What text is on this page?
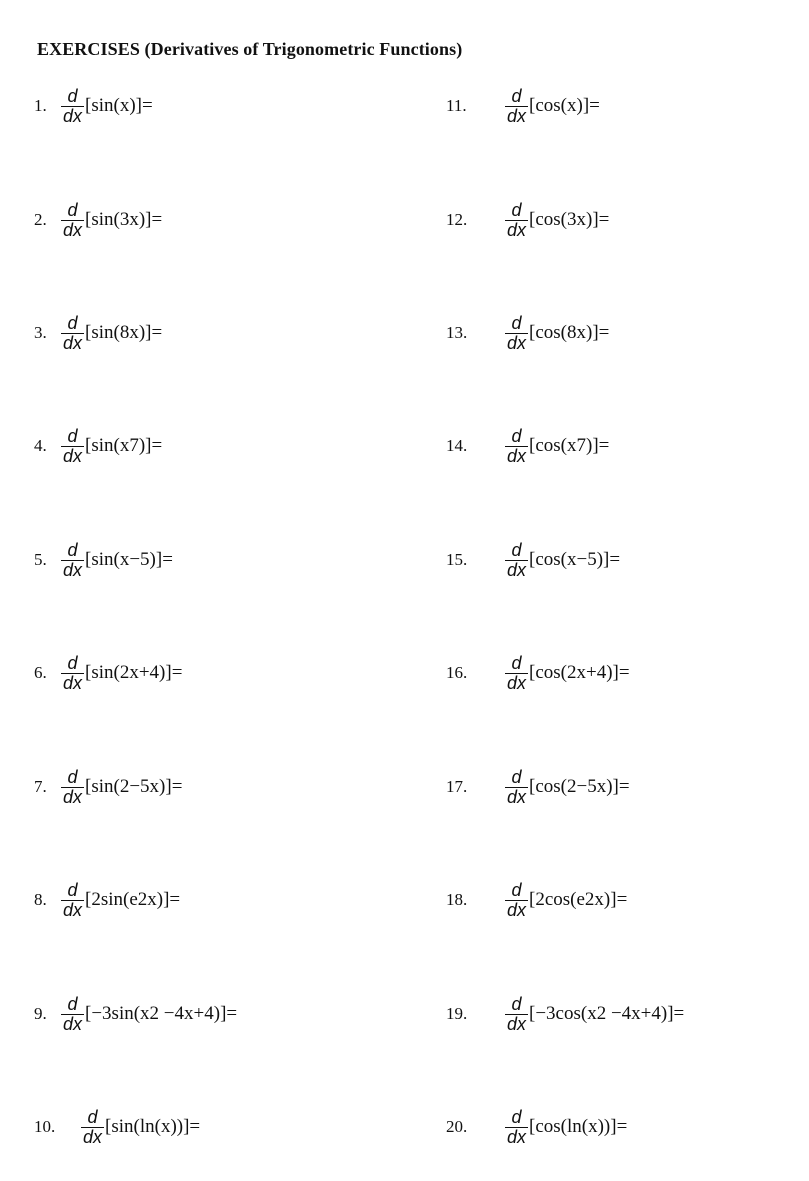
EXERCISES (Derivatives of Trigonometric Functions)
1. $\frac{d}{dx} [\sin(x)]=$
2. $\frac{d}{dx} [\sin(3x)]=$
3. $\frac{d}{dx} [\sin(8x)]=$
4. $\frac{d}{dx} [\sin(x7)]=$
5. $\frac{d}{dx} [\sin(x-5)]=$
6. $\frac{d}{dx} [\sin(2x+4)]=$
7. $\frac{d}{dx} [\sin(2-5x)]=$
8. $\frac{d}{dx} [2\sin(e2x)]=$
9. $\frac{d}{dx} [-3\sin(x2 -4x+4)]=$
10.	$\frac{d}{dx} [\sin(\ln(x))]=$
11.	$\frac{d}{dx} [\cos(x)]=$
12.	$\frac{d}{dx} [\cos(3x)]=$
13.	$\frac{d}{dx} [\cos(8x)]=$
14.	$\frac{d}{dx} [\cos(x7)]=$
15.	$\frac{d}{dx} [\cos(x-5)]=$
16.	$\frac{d}{dx} [\cos(2x+4)]=$
17.	$\frac{d}{dx} [\cos(2-5x)]=$
18.	$\frac{d}{dx} [2\cos(e2x)]=$
19.	$\frac{d}{dx} [-3\cos(x2 -4x+4)]=$
20.	$\frac{d}{dx} [\cos(\ln(x))]=$
